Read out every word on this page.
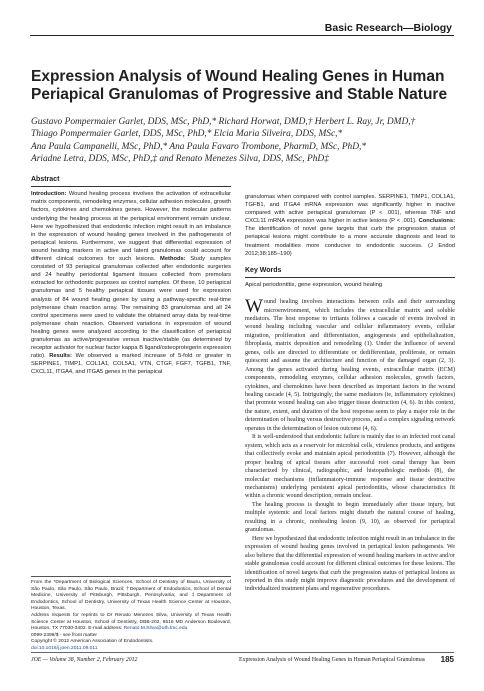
Basic Research—Biology
Expression Analysis of Wound Healing Genes in Human Periapical Granulomas of Progressive and Stable Nature
Gustavo Pompermaier Garlet, DDS, MSc, PhD,* Richard Horwat, DMD,† Herbert L. Ray, Jr, DMD,†
Thiago Pompermaier Garlet, DDS, MSc, PhD,* Elcia Maria Silveira, DDS, MSc,*
Ana Paula Campanelli, MSc, PhD,* Ana Paula Favaro Trombone, PharmD, MSc, PhD,*
Ariadne Letra, DDS, MSc, PhD,‡ and Renato Menezes Silva, DDS, MSc, PhD‡
Abstract

Introduction: Wound healing process involves the activation of extracellular matrix components, remodeling enzymes, cellular adhesion molecules, growth factors, cytokines and chemokines genes. However, the molecular patterns underlying the healing process at the periapical environment remain unclear. Here we hypothesized that endodontic infection might result in an imbalance in the expression of wound healing genes involved in the pathogenesis of periapical lesions. Furthermore, we suggest that differential expression of wound healing markers in active and latent granulomas could account for different clinical outcomes for such lesions. Methods: Study samples consisted of 93 periapical granulomas collected after endodontic surgeries and 24 healthy periodontal ligament tissues collected from premolars extracted for orthodontic purposes as control samples. Of these, 10 periapical granulomas and 5 healthy periapical tissues were used for expression analysis of 84 wound healing genes by using a pathway-specific real-time polymerase chain reaction array. The remaining 83 granulomas and all 24 control specimens were used to validate the obtained array data by real-time polymerase chain reaction. Observed variations in expression of wound healing genes were analyzed according to the classification of periapical granulomas as active/progressive versus inactive/stable (as determined by receptor activator for nuclear factor kappa B ligand/osteoprotegerin expression ratio). Results: We observed a marked increase of 5-fold or greater in SERPINE1, TIMP1, COL1A1, COL5A1, VTN, CTGF, FGF7, TGFB1, TNF, CXCL11, ITGA4, and ITGA5 genes in the periapical

granulomas when compared with control samples. SERPINE1, TIMP1, COL1A1, TGFB1, and ITGA4 mRNA expression was significantly higher in inactive compared with active periapical granulomas (P < .001), whereas TNF and CXCL11 mRNA expression was higher in active lesions (P < .001). Conclusions: The identification of novel gene targets that curb the progression status of periapical lesions might contribute to a more accurate diagnosis and lead to treatment modalities more conducive to endodontic success. (J Endod 2012;38:185–190)

Key Words

Apical periodontitis, gene expression, wound healing

Wound healing involves interactions between cells and their surrounding microenvironment, which includes the extracellular matrix and soluble mediators. The host response to irritants follows a cascade of events involved in wound healing including vascular and cellular inflammatory events, cellular migration, proliferation and differentiation, angiogenesis and epithelialization, fibroplasia, matrix deposition and remodeling (1). Under the influence of several genes, cells are directed to differentiate or dedifferentiate, proliferate, or remain quiescent and assume the architecture and function of the damaged organ (2, 3). Among the genes activated during healing events, extracellular matrix (ECM) components, remodeling enzymes, cellular adhesion molecules, growth factors, cytokines, and chemokines have been described as important factors in the wound healing cascade (4, 5). Intriguingly, the same mediators (ie, inflammatory cytokines) that promote wound healing can also trigger tissue destruction (4, 6). In this context, the nature, extent, and duration of the host response seem to play a major role in the determination of healing versus destructive process, and a complex signaling network operates in the determination of lesion outcome (4, 6).

It is well-understood that endodontic failure is mainly due to an infected root canal system, which acts as a reservoir for microbial cells, virulence products, and antigens that collectively evoke and maintain apical periodontitis (7). However, although the proper healing of apical tissues after successful root canal therapy has been characterized by clinical, radiographic, and histopathologic methods (8), the molecular mechanisms (inflammatory-immune response and tissue destructive mechanisms) underlying persistent apical periodontitis, whose characteristics fit within a chronic wound description, remain unclear.

The healing process is thought to begin immediately after tissue injury, but multiple systemic and local factors might disturb the natural course of healing, resulting in a chronic, nonhealing lesion (9, 10), as observed for periapical granulomas.

Here we hypothesized that endodontic infection might result in an imbalance in the expression of wound healing genes involved in periapical lesion pathogenesis. We also believe that the differential expression of wound healing markers in active and/or stable granulomas could account for different clinical outcomes for these lesions. The identification of novel targets that curb the progression status of periapical lesions as reported in this study might improve diagnostic procedures and the development of individualized treatment plans and regenerative procedures.

From the *Department of Biological Sciences, School of Dentistry of Bauru, University of São Paulo, São Paulo, São Paulo, Brazil; †Department of Endodontics, School of Dental Medicine, University of Pittsburgh, Pittsburgh, Pennsylvania; and ‡Department of Endodontics, School of Dentistry, University of Texas Health Science Center at Houston, Houston, Texas.

Address requests for reprints to Dr Renato Menezes Silva, University of Texas Health Science Center at Houston, School of Dentistry, DBB-202, 6516 MD Anderson Boulevard, Houston, TX 77030-3402. E-mail address: Renato.M.Silva@uth.tmc.edu

0099-2399/$ - see front matter

Copyright © 2012 American Association of Endodontists.

doi:10.1016/j.joen.2011.09.011

JOE — Volume 38, Number 2, February 2012	Expression Analysis of Wound Healing Genes in Human Periapical Granulomas 185
